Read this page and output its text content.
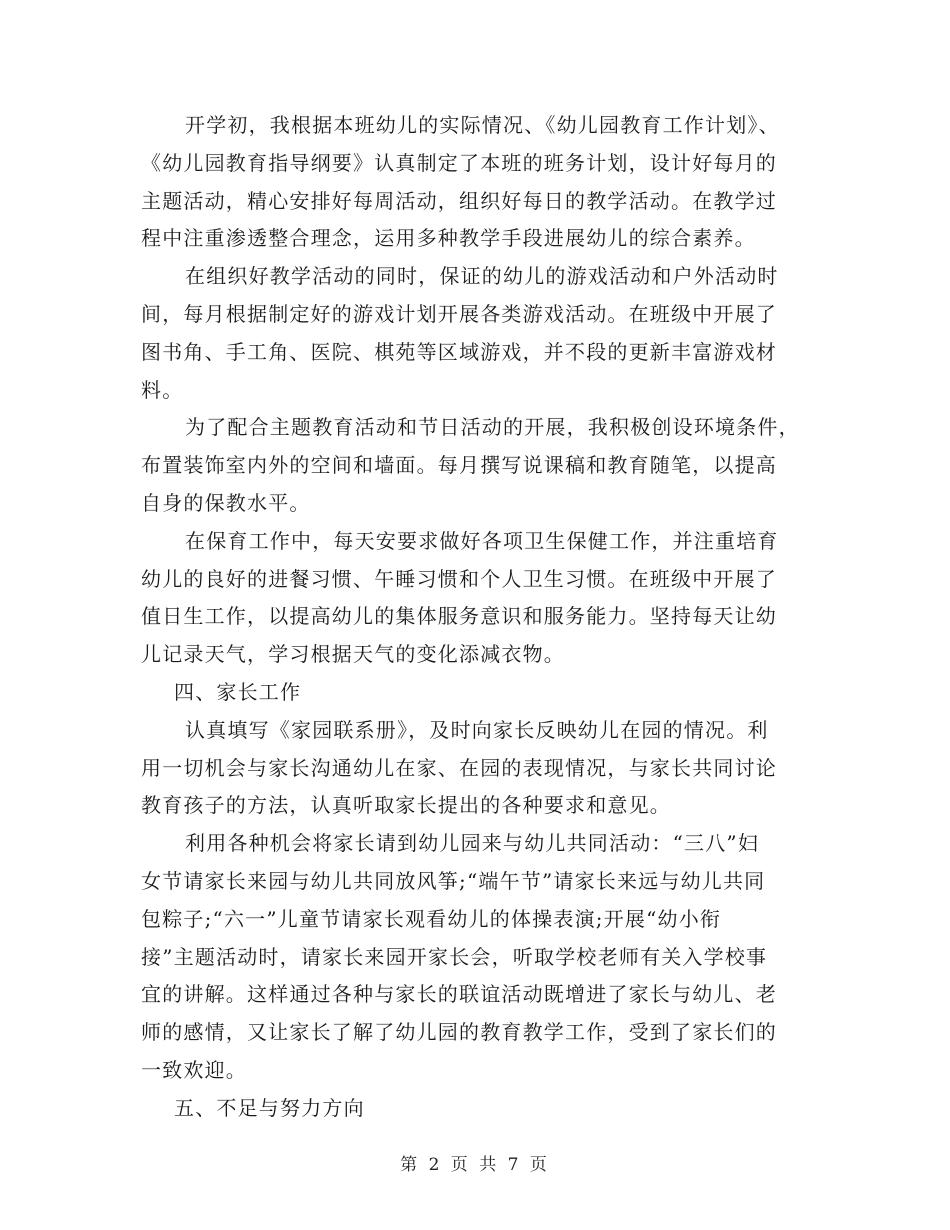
开学初，我根据本班幼儿的实际情况、《幼儿园教育工作计划》、
《幼儿园教育指导纲要》认真制定了本班的班务计划，设计好每月的
主题活动，精心安排好每周活动，组织好每日的教学活动。在教学过
程中注重渗透整合理念，运用多种教学手段进展幼儿的综合素养。
在组织好教学活动的同时，保证的幼儿的游戏活动和户外活动时
间，每月根据制定好的游戏计划开展各类游戏活动。在班级中开展了
图书角、手工角、医院、棋苑等区域游戏，并不段的更新丰富游戏材
料。
为了配合主题教育活动和节日活动的开展，我积极创设环境条件，
布置装饰室内外的空间和墙面。每月撰写说课稿和教育随笔，以提高
自身的保教水平。
在保育工作中，每天安要求做好各项卫生保健工作，并注重培育
幼儿的良好的进餐习惯、午睡习惯和个人卫生习惯。在班级中开展了
值日生工作，以提高幼儿的集体服务意识和服务能力。坚持每天让幼
儿记录天气，学习根据天气的变化添减衣物。
四、家长工作
认真填写《家园联系册》，及时向家长反映幼儿在园的情况。利
用一切机会与家长沟通幼儿在家、在园的表现情况，与家长共同讨论
教育孩子的方法，认真听取家长提出的各种要求和意见。
利用各种机会将家长请到幼儿园来与幼儿共同活动：“三八”妇
女节请家长来园与幼儿共同放风筝;“端午节”请家长来远与幼儿共同
包粽子;“六一”儿童节请家长观看幼儿的体操表演;开展“幼小衔
接”主题活动时，请家长来园开家长会，听取学校老师有关入学校事
宜的讲解。这样通过各种与家长的联谊活动既增进了家长与幼儿、老
师的感情，又让家长了解了幼儿园的教育教学工作，受到了家长们的
一致欢迎。
五、不足与努力方向
第 2 页 共 7 页
